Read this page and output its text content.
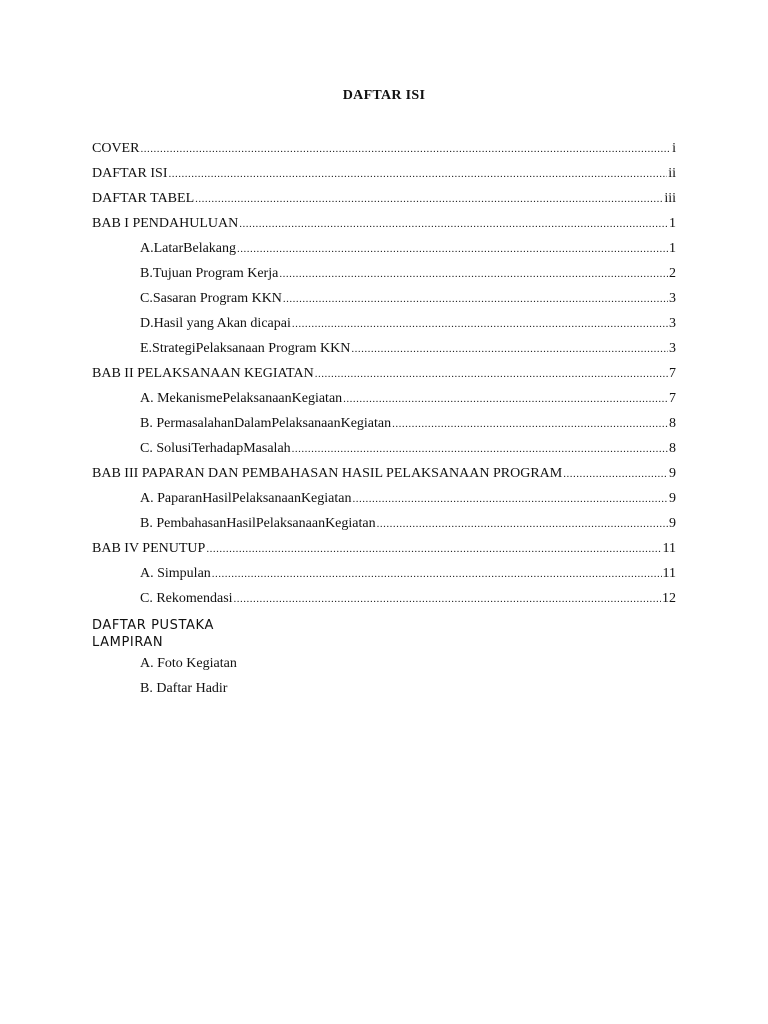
DAFTAR ISI
COVER .....	i
DAFTAR ISI .....	ii
DAFTAR TABEL .....	iii
BAB I PENDAHULUAN .....	1
A.LatarBelakang .....	1
B.Tujuan Program Kerja .....	2
C.Sasaran Program KKN .....	3
D.Hasil yang Akan dicapai .....	3
E.StrategiPelaksanaan Program KKN .....	3
BAB II PELAKSANAAN KEGIATAN .....	7
A. MekanismePelaksanaanKegiatan .....	7
B. PermasalahanDalamPelaksanaanKegiatan .....	8
C. SolusiTerhadapMasalah .....	8
BAB III PAPARAN DAN PEMBAHASAN HASIL PELAKSANAAN PROGRAM .....	9
A. PaparanHasilPelaksanaanKegiatan .....	9
B. PembahasanHasilPelaksanaanKegiatan .....	9
BAB IV PENUTUP .....	11
A. Simpulan .....	11
C. Rekomendasi .....	12
DAFTAR PUSTAKA
LAMPIRAN
A. Foto Kegiatan
B. Daftar Hadir
